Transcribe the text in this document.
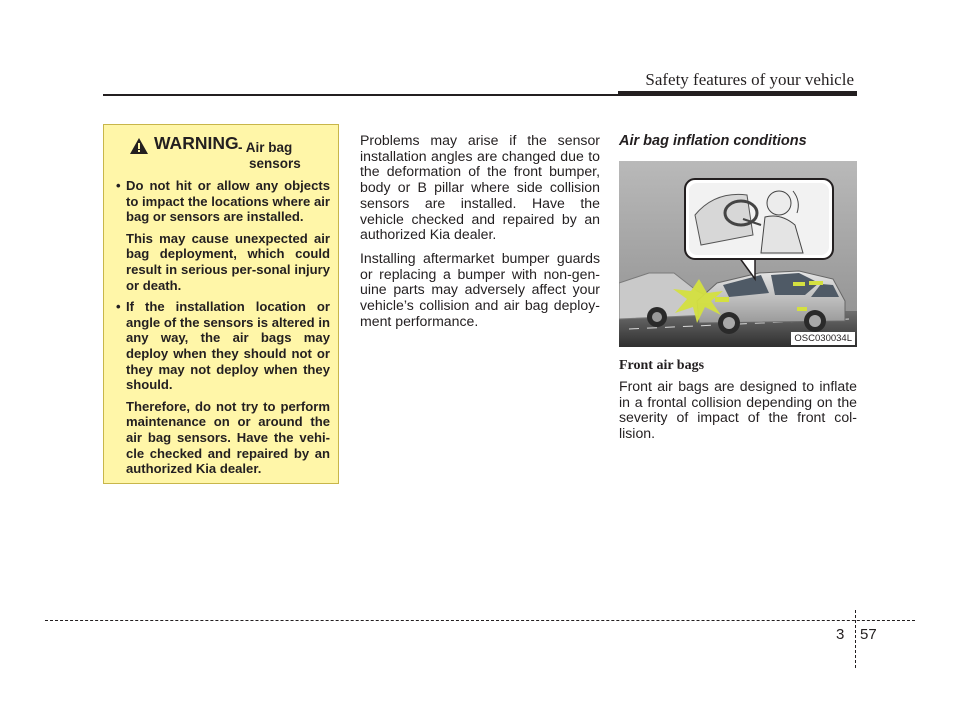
Safety features of your vehicle
WARNING - Air bag
sensors
• Do not hit or allow any objects to impact the locations where air bag or sensors are installed.
This may cause unexpected air bag deployment, which could result in serious per-sonal injury or death.
• If the installation location or angle of the sensors is altered in any way, the air bags may deploy when they should not or they may not deploy when they should.
Therefore, do not try to perform maintenance on or around the air bag sensors. Have the vehi-cle checked and repaired by an authorized Kia dealer.

Problems may arise if the sensor installation angles are changed due to the deformation of the front bumper, body or B pillar where side collision sensors are installed. Have the vehicle checked and repaired by an authorized Kia dealer.

Installing aftermarket bumper guards or replacing a bumper with non-gen-uine parts may adversely affect your vehicle’s collision and air bag deploy-ment performance.

Air bag inflation conditions
OSC030034L
Front air bags

Front air bags are designed to inflate in a frontal collision depending on the severity of impact of the front col-lision.

3 57
